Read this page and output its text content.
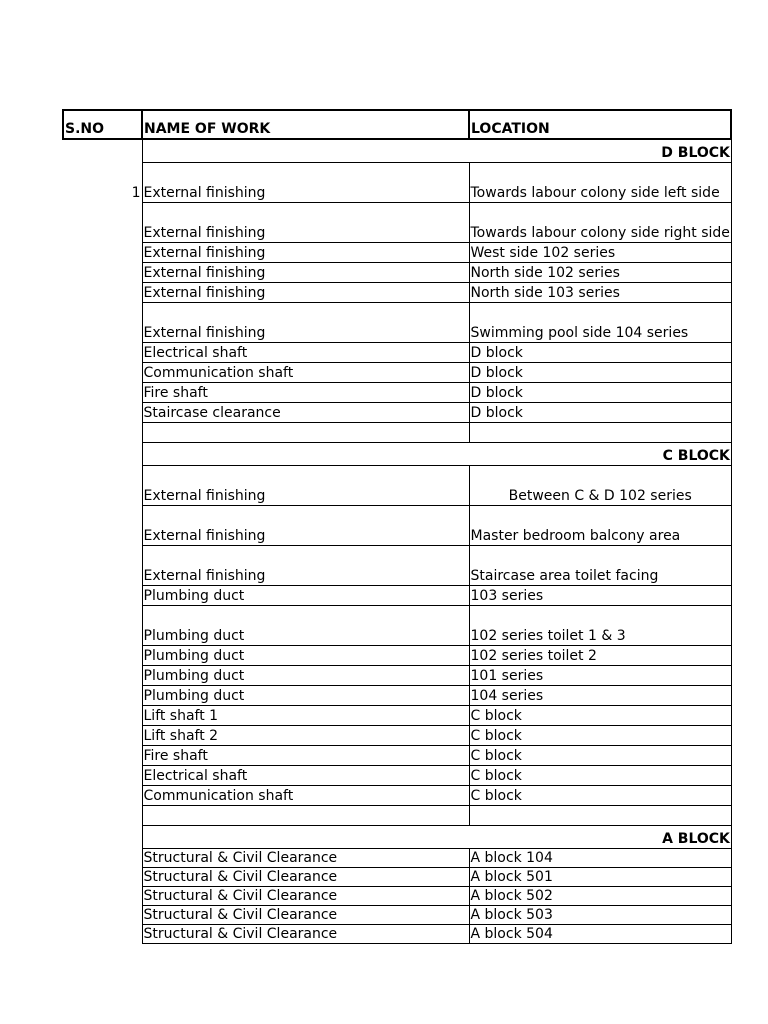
S.NO	NAME OF WORK	LOCATION
	D BLOCK	
1	External finishing	Towards labour colony side left side
	External finishing	Towards labour colony side right side
	External finishing	West side 102 series
	External finishing	North side 102 series
	External finishing	North side 103 series
	External finishing	Swimming pool side 104 series
	Electrical shaft	D block
	Communication shaft	D block
	Fire shaft	D block
	Staircase clearance	D block

	C BLOCK	
	External finishing	Between C & D 102 series
	External finishing	Master bedroom balcony area
	External finishing	Staircase area toilet facing
	Plumbing duct	103 series
	Plumbing duct	102 series toilet 1 & 3
	Plumbing duct	102 series toilet 2
	Plumbing duct	101 series
	Plumbing duct	104 series
	Lift shaft 1	C block
	Lift shaft 2	C block
	Fire shaft	C block
	Electrical shaft	C block
	Communication shaft	C block

	A BLOCK	
	Structural & Civil Clearance	A block 104
	Structural & Civil Clearance	A block 501
	Structural & Civil Clearance	A block 502
	Structural & Civil Clearance	A block 503
	Structural & Civil Clearance	A block 504
